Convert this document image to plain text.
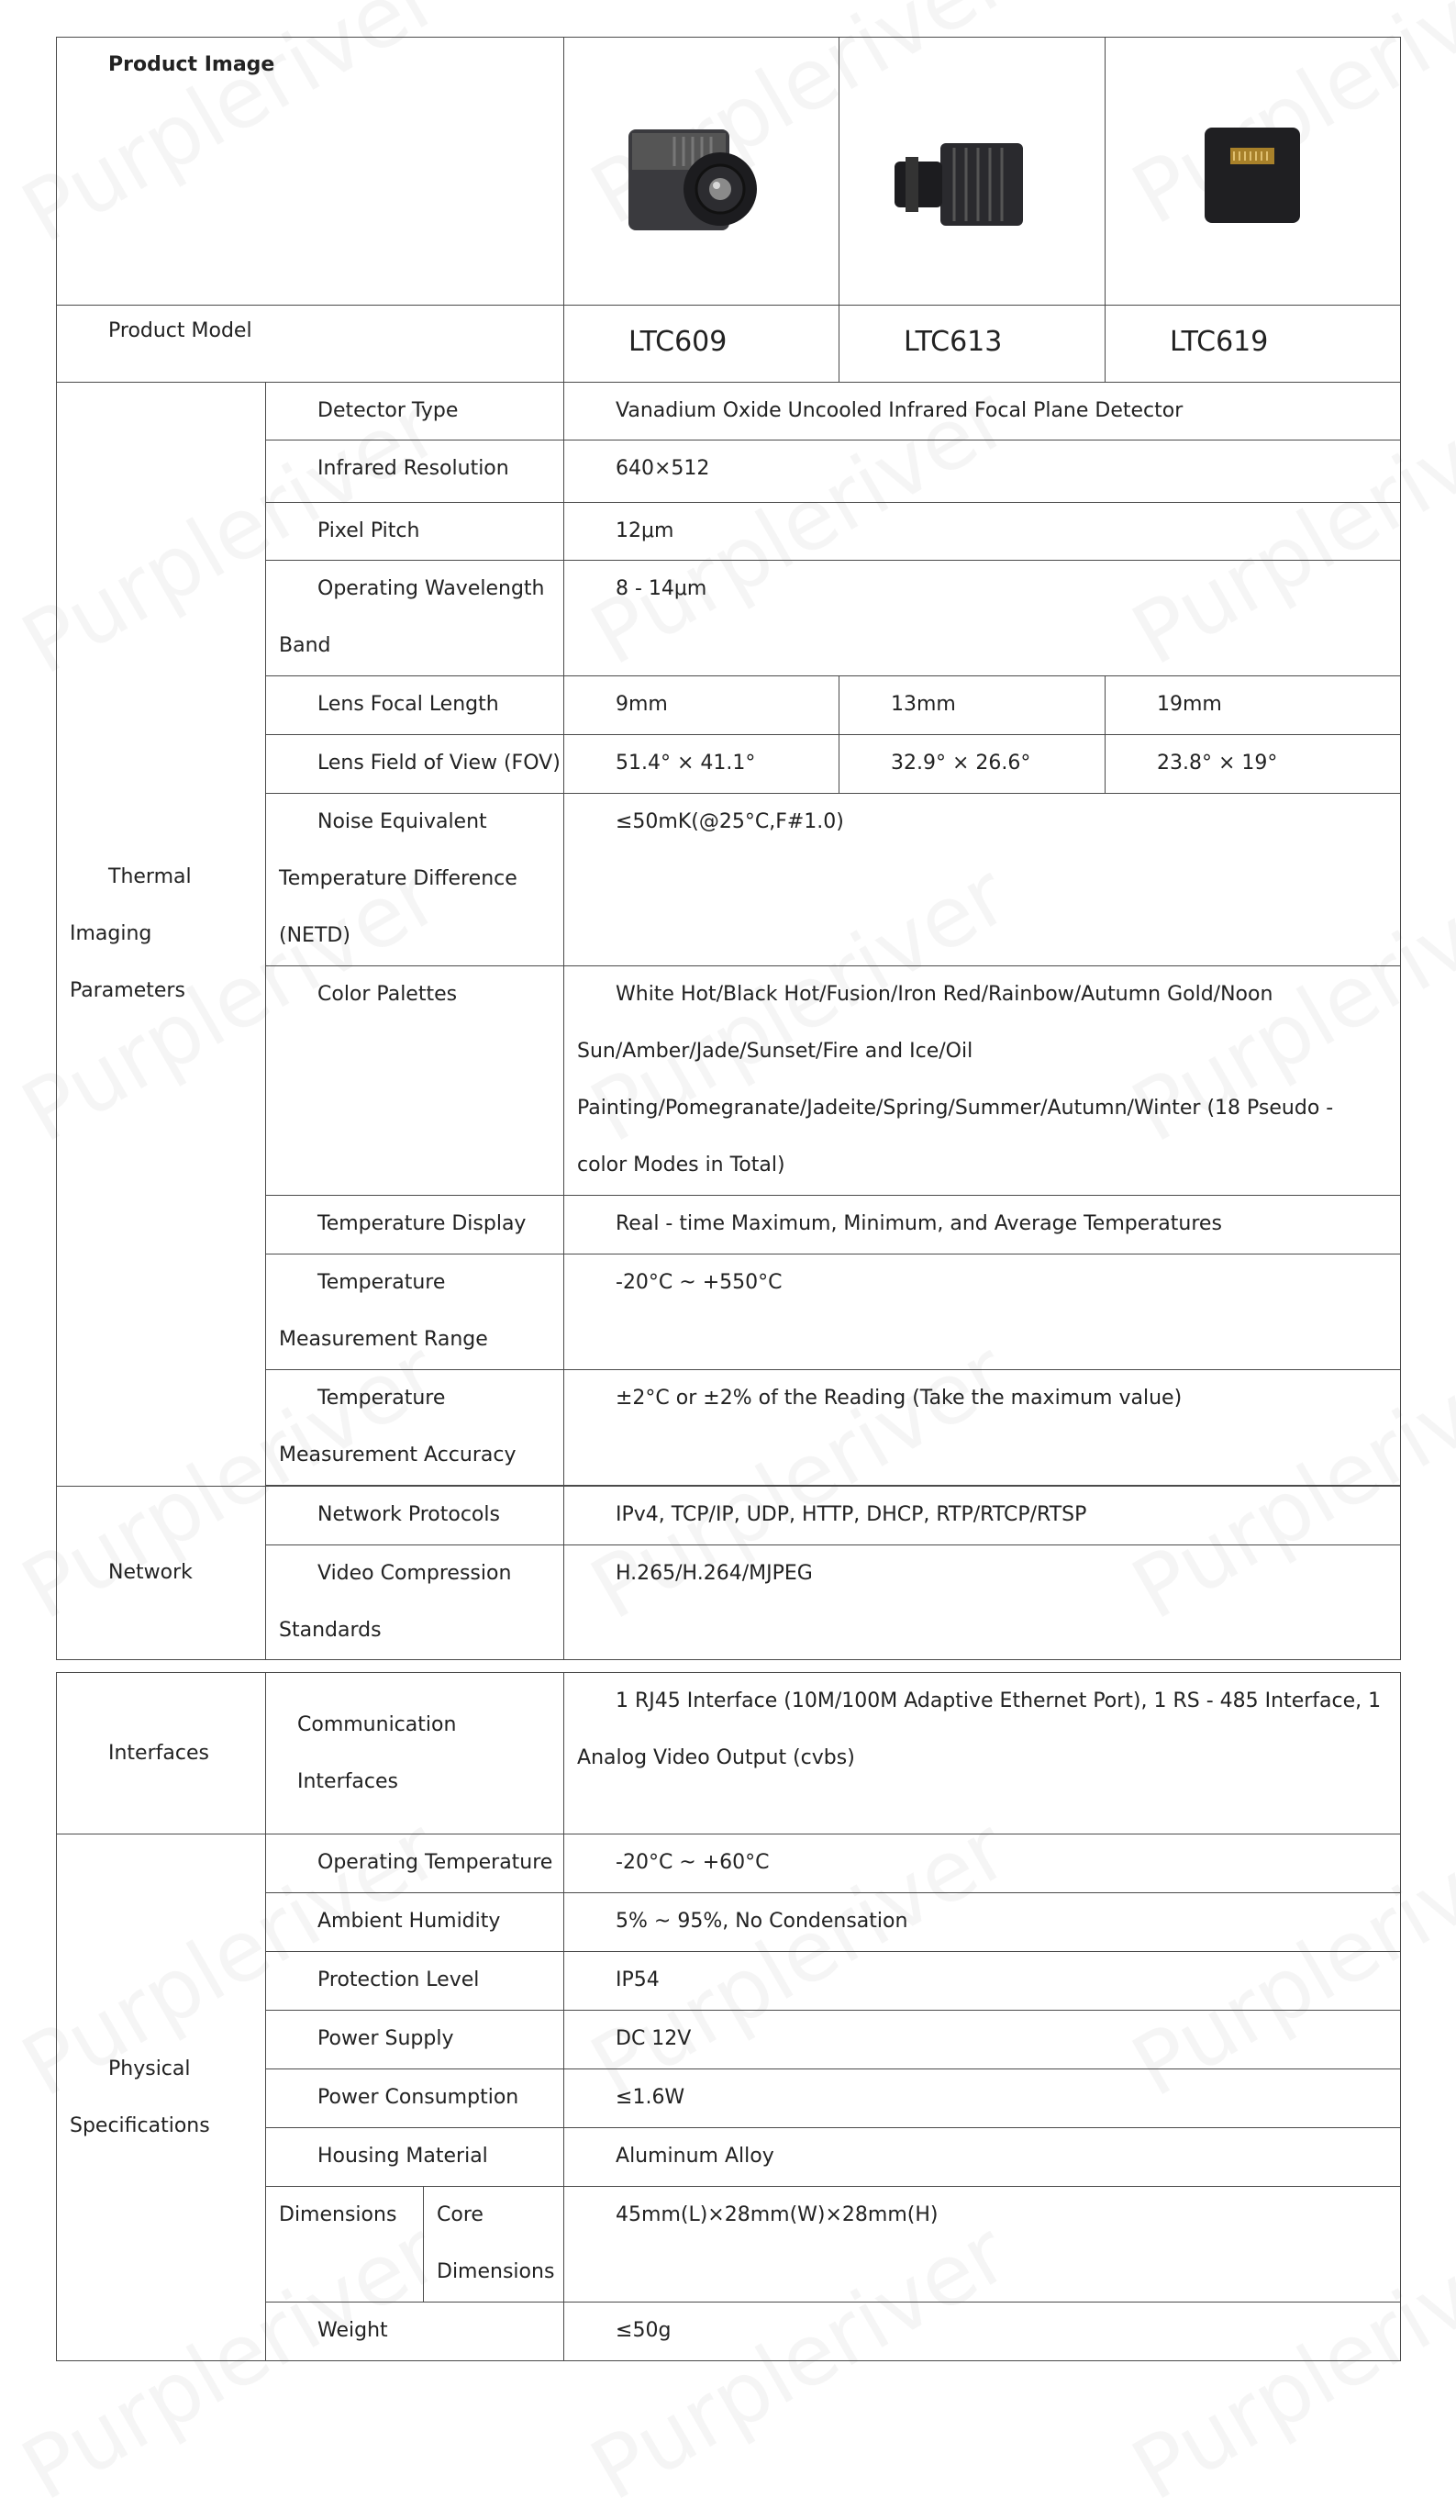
Product Image

Product Model		LTC609	LTC613	LTC619

Thermal Imaging Parameters	Detector Type	Vanadium Oxide Uncooled Infrared Focal Plane Detector		
	Infrared Resolution	640×512		
	Pixel Pitch	12μm		
	Operating Wavelength Band	8 - 14μm		
	Lens Focal Length	9mm	13mm	19mm
	Lens Field of View (FOV)	51.4° × 41.1°	32.9° × 26.6°	23.8° × 19°
	Noise Equivalent Temperature Difference (NETD)	≤50mK(@25°C,F#1.0)		
	Color Palettes	White Hot/Black Hot/Fusion/Iron Red/Rainbow/Autumn Gold/Noon Sun/Amber/Jade/Sunset/Fire and Ice/Oil Painting/Pomegranate/Jadeite/Spring/Summer/Autumn/Winter (18 Pseudo - color Modes in Total)		
	Temperature Display	Real - time Maximum, Minimum, and Average Temperatures		
	Temperature Measurement Range	-20°C ~ +550°C		
	Temperature Measurement Accuracy	±2°C or ±2% of the Reading (Take the maximum value)		

Network	Network Protocols	IPv4, TCP/IP, UDP, HTTP, DHCP, RTP/RTCP/RTSP		
	Video Compression Standards	H.265/H.264/MJPEG		
Interfaces	Communication Interfaces		1 RJ45 Interface (10M/100M Adaptive Ethernet Port), 1 RS - 485 Interface, 1 Analog Video Output (cvbs)

Physical Specifications	Operating Temperature		-20°C ~ +60°C
	Ambient Humidity		5% ~ 95%, No Condensation
	Protection Level		IP54
	Power Supply		DC 12V
	Power Consumption		≤1.6W
	Housing Material		Aluminum Alloy
	Dimensions	Core Dimensions	45mm(L)×28mm(W)×28mm(H)
	Weight		≤50g
